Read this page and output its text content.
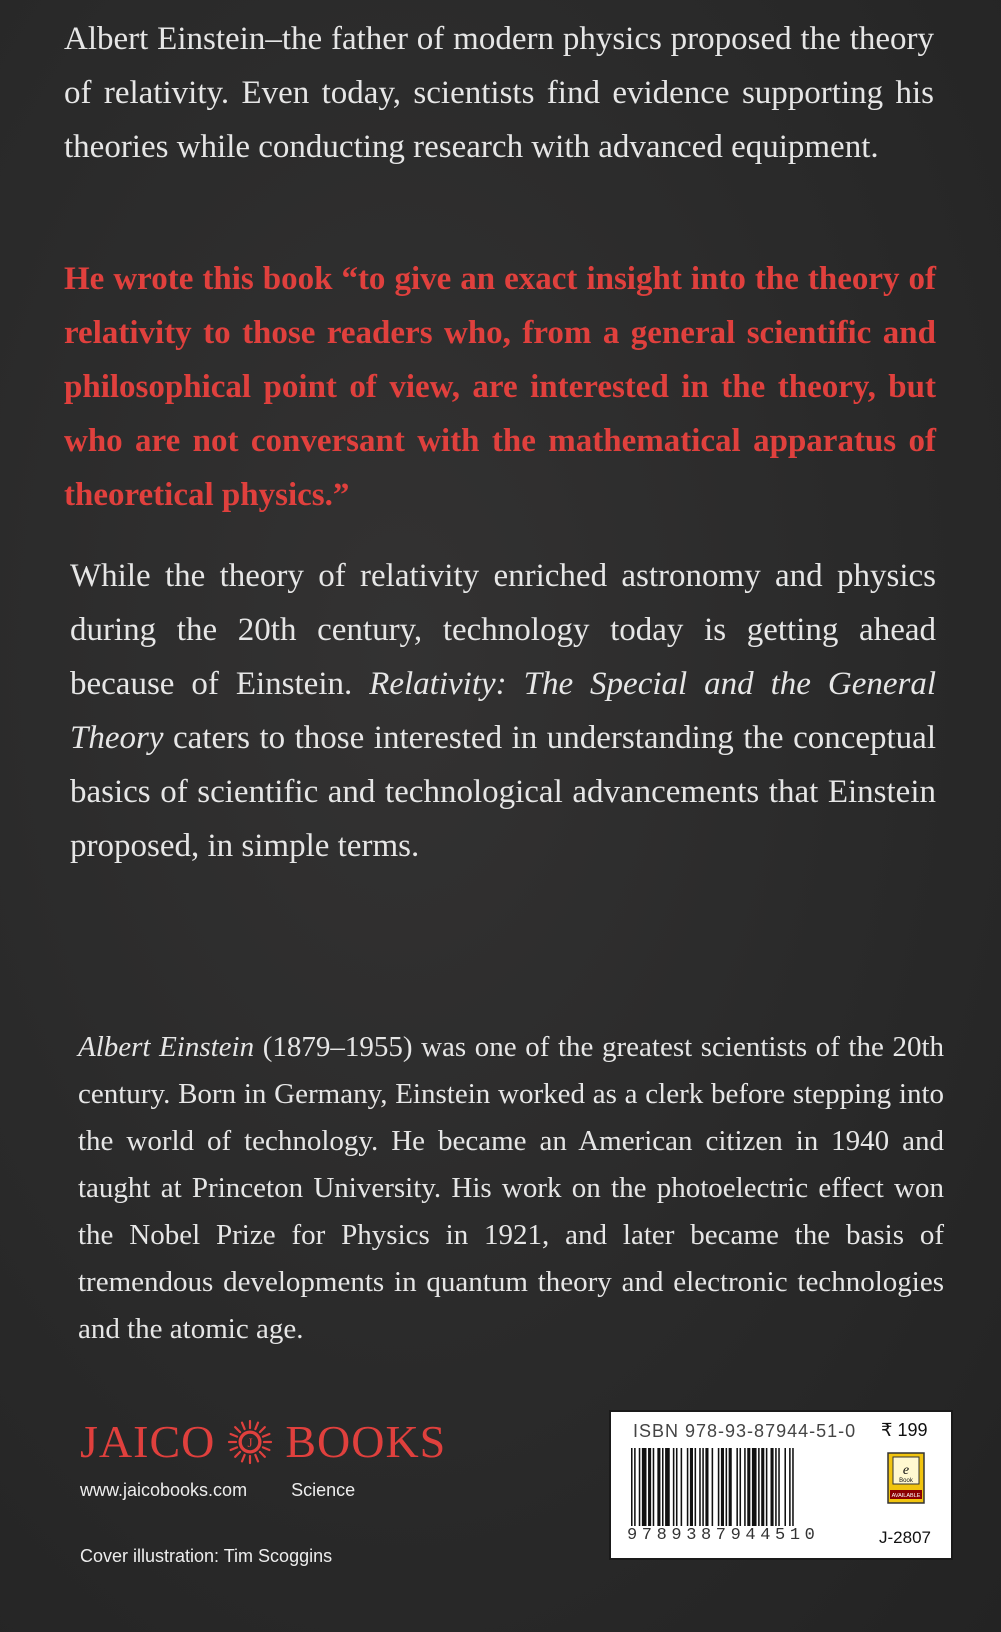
Albert Einstein–the father of modern physics proposed the theory of relativity. Even today, scientists find evidence supporting his theories while conducting research with advanced equipment.

He wrote this book “to give an exact insight into the theory of relativity to those readers who, from a general scientific and philosophical point of view, are interested in the theory, but who are not conversant with the mathematical apparatus of theoretical physics.”

While the theory of relativity enriched astronomy and physics during the 20th century, technology today is getting ahead because of Einstein. Relativity: The Special and the General Theory caters to those interested in understanding the conceptual basics of scientific and technological advancements that Einstein proposed, in simple terms.

Albert Einstein (1879–1955) was one of the greatest scientists of the 20th century. Born in Germany, Einstein worked as a clerk before stepping into the world of technology. He became an American citizen in 1940 and taught at Princeton University. His work on the photoelectric effect won the Nobel Prize for Physics in 1921, and later became the basis of tremendous developments in quantum theory and electronic technologies and the atomic age.

JAICO J BOOKS
www.jaicobooks.com Science
Cover illustration: Tim Scoggins
ISBN 978-93-87944-51-0 ₹ 199
9789387944510
e
Book
AVAILABLE
J-2807
